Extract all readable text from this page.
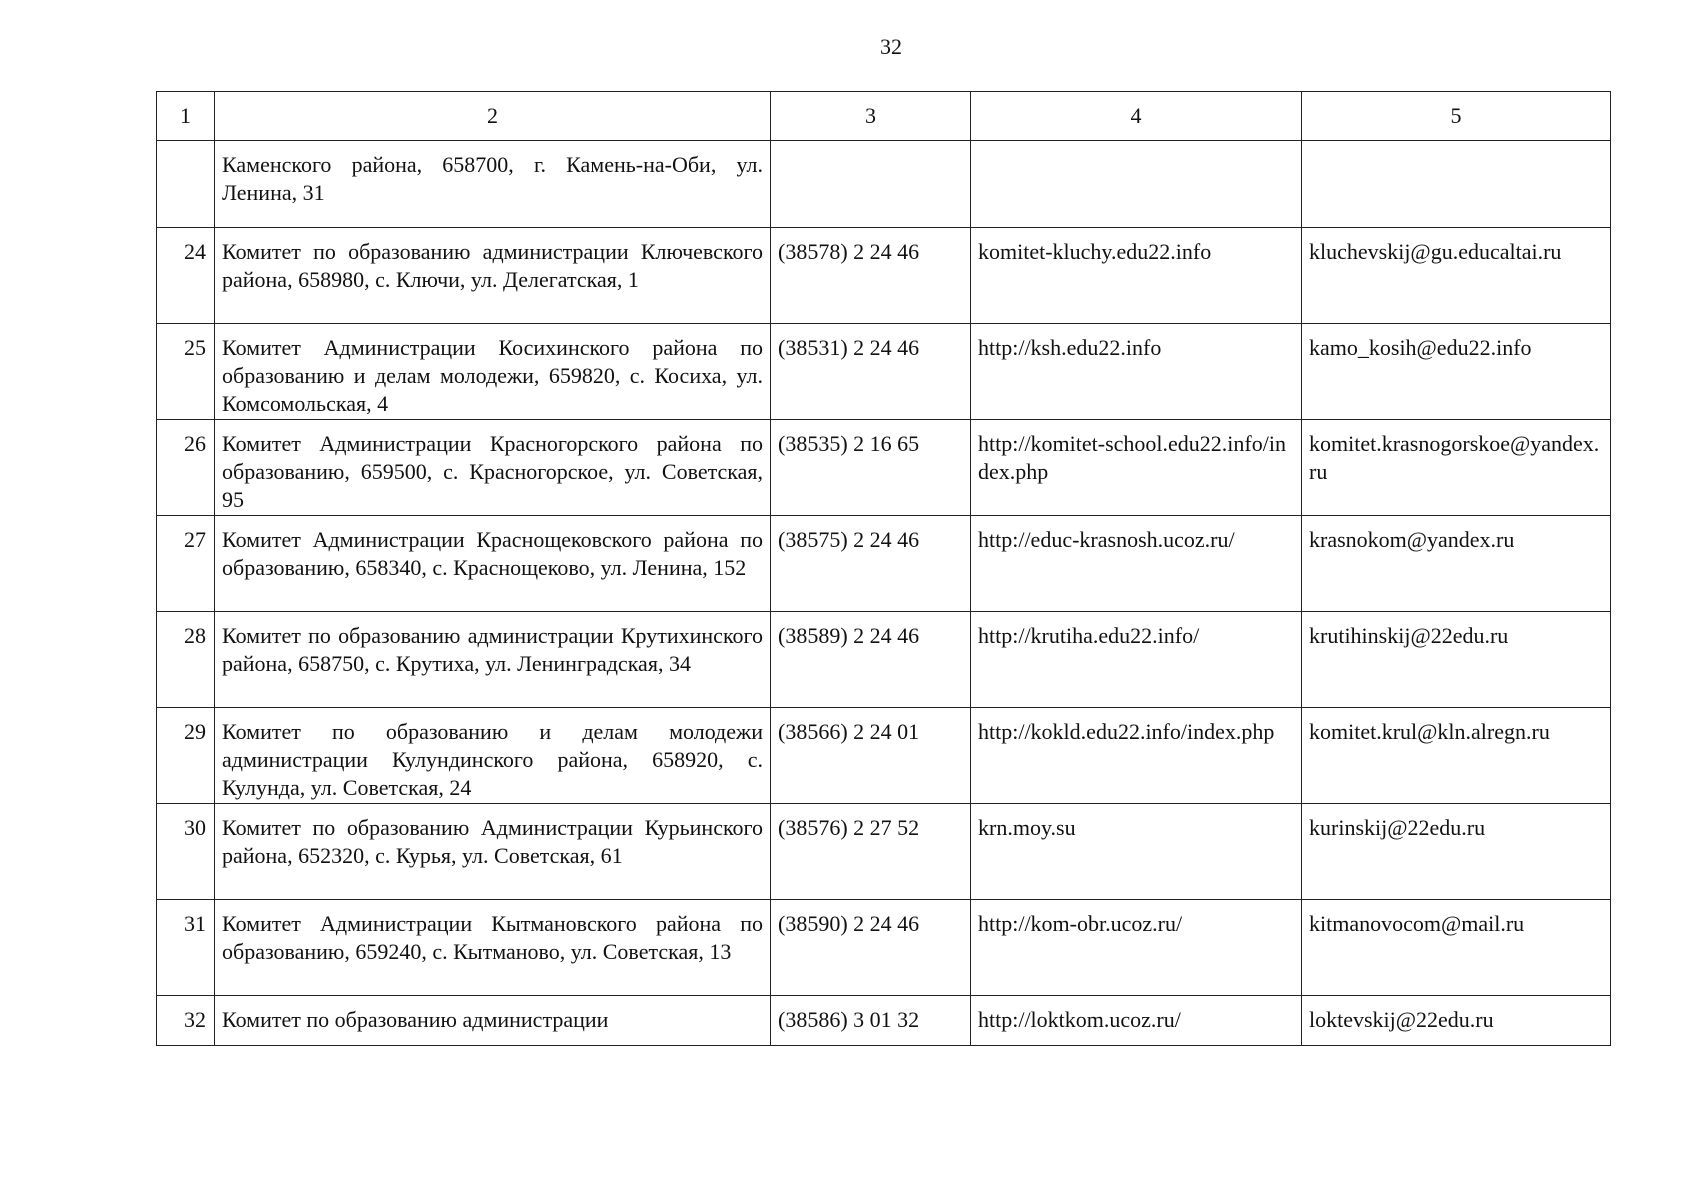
32
1	2	3	4	5
	Каменского района, 658700, г. Камень-на-Оби, ул. Ленина, 31			
24	Комитет по образованию администрации Ключевского района, 658980, с. Ключи, ул. Делегатская, 1	(38578) 2 24 46	komitet-kluchy.edu22.info	kluchevskij@gu.educaltai.ru
25	Комитет Администрации Косихинского района по образованию и делам молодежи, 659820, с. Косиха, ул. Комсомольская, 4	(38531) 2 24 46	http://ksh.edu22.info	kamo_kosih@edu22.info
26	Комитет Администрации Красногорского района по образованию, 659500, с. Красногорское, ул. Советская, 95	(38535) 2 16 65	http://komitet-school.edu22.info/index.php	komitet.krasnogorskoe@yandex.ru
27	Комитет Администрации Краснощековского района по образованию, 658340, с. Краснощеково, ул. Ленина, 152	(38575) 2 24 46	http://educ-krasnosh.ucoz.ru/	krasnokom@yandex.ru
28	Комитет по образованию администрации Крутихинского района, 658750, с. Крутиха, ул. Ленинградская, 34	(38589) 2 24 46	http://krutiha.edu22.info/	krutihinskij@22edu.ru
29	Комитет по образованию и делам молодежи администрации Кулундинского района, 658920, с. Кулунда, ул. Советская, 24	(38566) 2 24 01	http://kokld.edu22.info/index.php	komitet.krul@kln.alregn.ru
30	Комитет по образованию Администрации Курьинского района, 652320, с. Курья, ул. Советская, 61	(38576) 2 27 52	krn.moy.su	kurinskij@22edu.ru
31	Комитет Администрации Кытмановского района по образованию, 659240, с. Кытманово, ул. Советская, 13	(38590) 2 24 46	http://kom-obr.ucoz.ru/	kitmanovocom@mail.ru
32	Комитет по образованию администрации	(38586) 3 01 32	http://loktkom.ucoz.ru/	loktevskij@22edu.ru
